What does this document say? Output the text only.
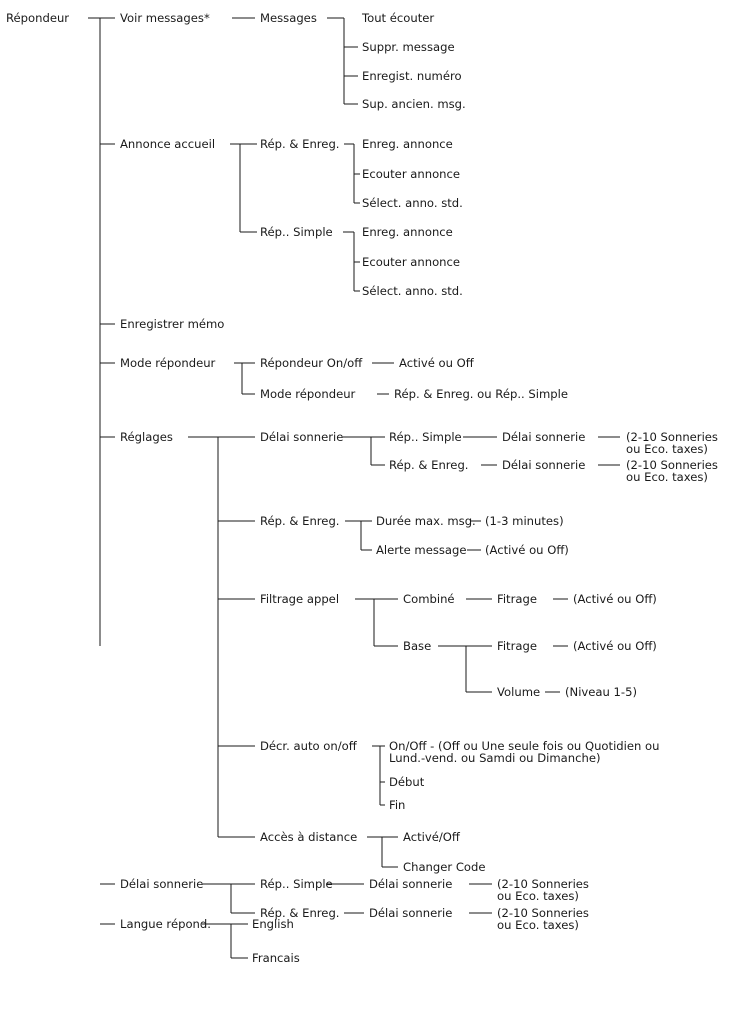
Répondeur	Voir messages*
Annonce accueil
Enregistrer mémo
Mode répondeur
Réglages
Délai sonnerie
Langue répond.
Messages	Tout écouter
Suppr. message
Enregist. numéro
Sup. ancien. msg.
Rép. & Enreg. Enreg. annonce
Ecouter annonce
Sélect. anno. std.
Rép.. Simple	Enreg. annonce
Ecouter annonce
Sélect. anno. std.
Répondeur On/off	Activé ou Off
Mode répondeur	Rép. & Enreg. ou Rép.. Simple
Délai sonnerie	Rép.. Simple	Délai sonnerie	(2-10 Sonneries
ou Eco. taxes)
Rép. & Enreg.	Délai sonnerie	(2-10 Sonneries
ou Eco. taxes)
Rép. & Enreg.	Durée max. msg. (1-3 minutes)
Alerte message (Activé ou Off)
Filtrage appel	Combiné	Fitrage	(Activé ou Off)
Base	Fitrage	(Activé ou Off)
Volume (Niveau 1-5)
Décr. auto on/off	On/Off - (Off ou Une seule fois ou Quotidien ou
Lund.-vend. ou Samdi ou Dimanche)
Début
Fin
Accès à distance	Activé/Off
Changer Code
Rép.. Simple	Délai sonnerie	(2-10 Sonneries
ou Eco. taxes)
Rép. & Enreg.	Délai sonnerie	(2-10 Sonneries
ou Eco. taxes)
English
Francais
